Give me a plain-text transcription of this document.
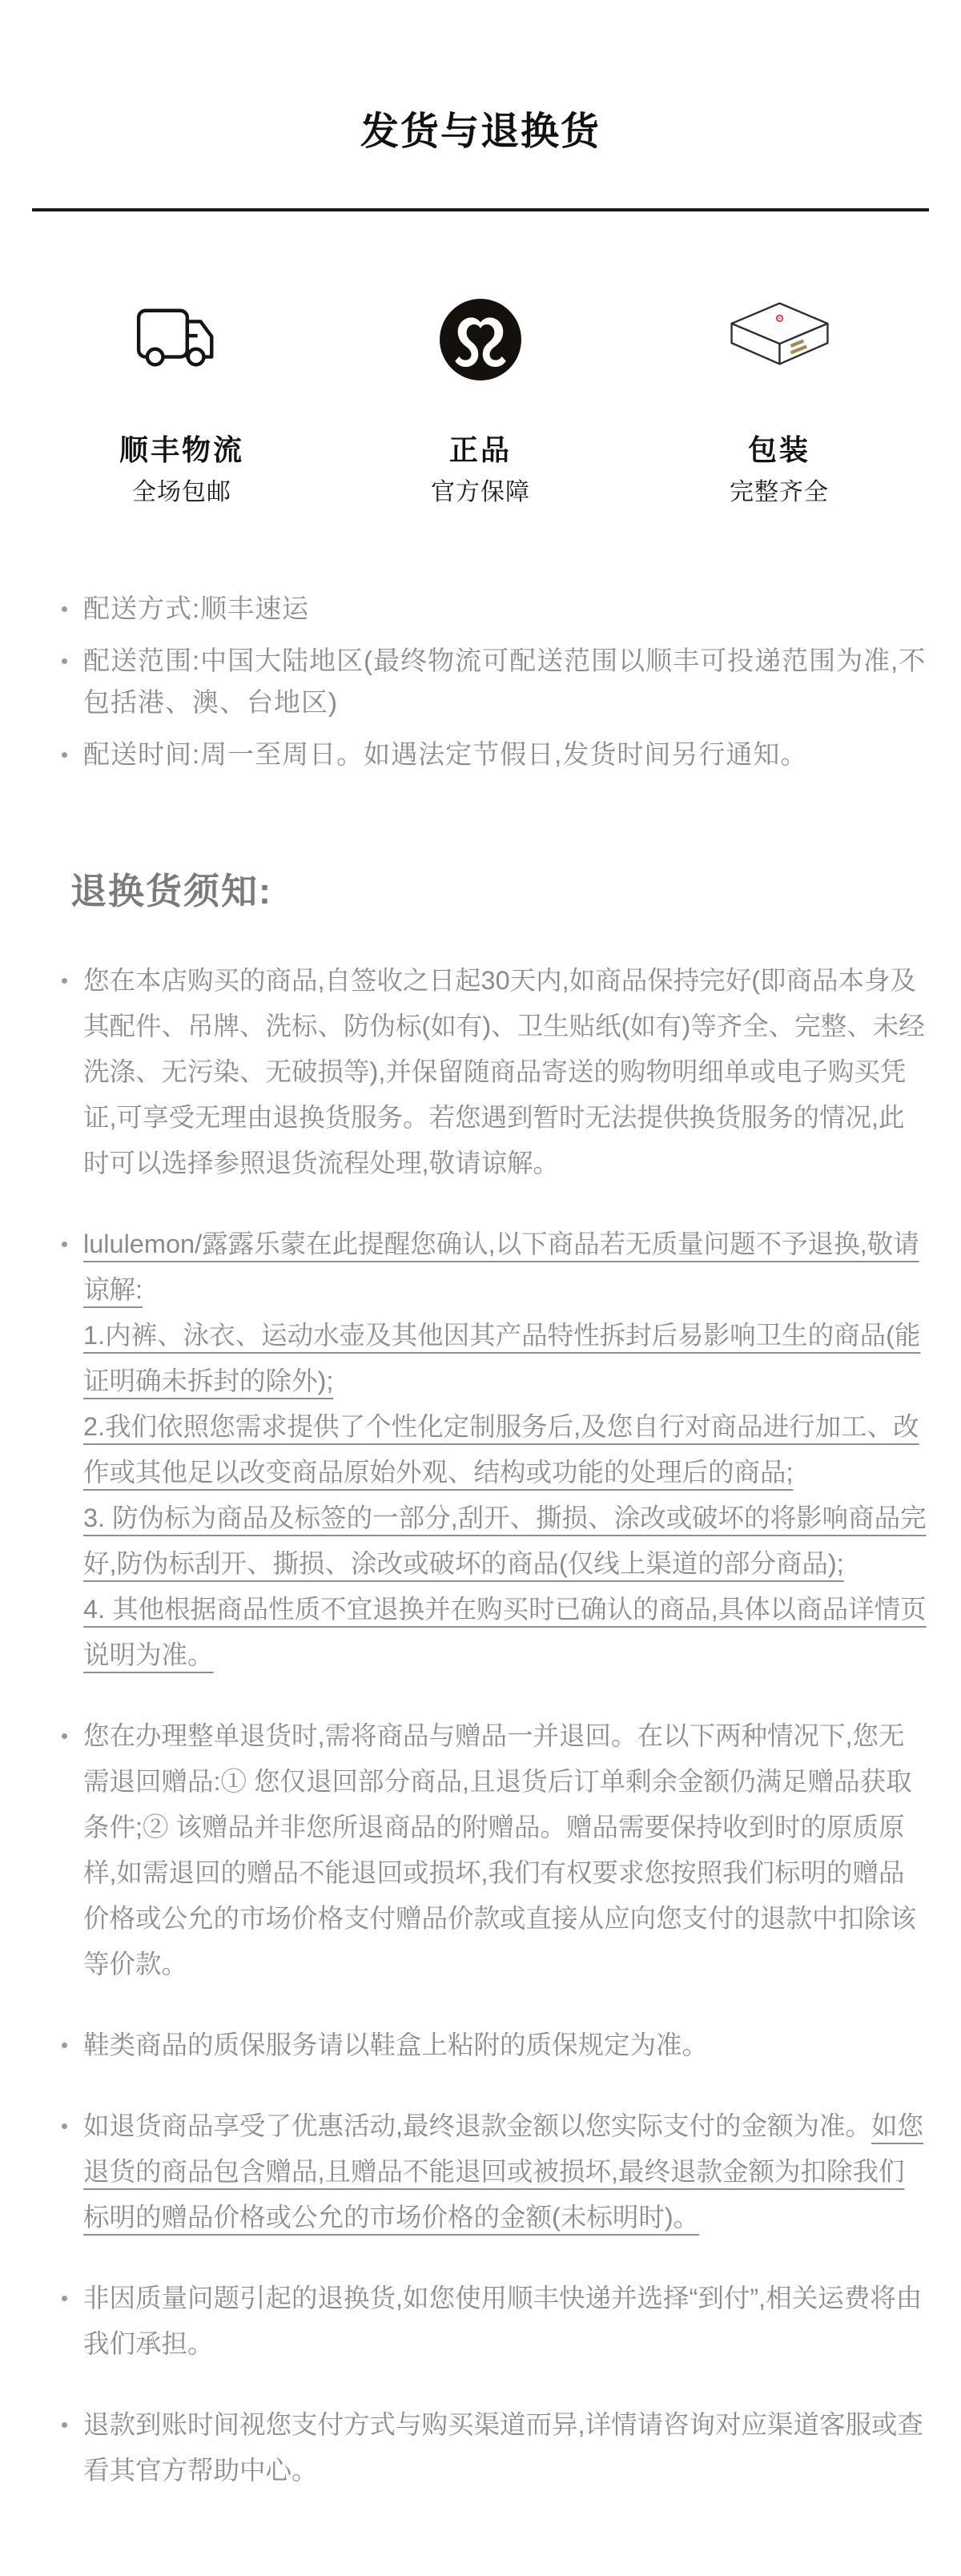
发货与退换货
顺丰物流
全场包邮
正品
官方保障
包装
完整齐全
配送方式:顺丰速运
配送范围:中国大陆地区(最终物流可配送范围以顺丰可投递范围为准,不包括港、澳、台地区)
配送时间:周一至周日。如遇法定节假日,发货时间另行通知。
退换货须知:
您在本店购买的商品,自签收之日起30天内,如商品保持完好(即商品本身及其配件、吊牌、洗标、防伪标(如有)、卫生贴纸(如有)等齐全、完整、未经洗涤、无污染、无破损等),并保留随商品寄送的购物明细单或电子购买凭证,可享受无理由退换货服务。若您遇到暂时无法提供换货服务的情况,此时可以选择参照退货流程处理,敬请谅解。
lululemon/露露乐蒙在此提醒您确认,以下商品若无质量问题不予退换,敬请谅解:
1.内裤、泳衣、运动水壶及其他因其产品特性拆封后易影响卫生的商品(能证明确未拆封的除外);
2.我们依照您需求提供了个性化定制服务后,及您自行对商品进行加工、改作或其他足以改变商品原始外观、结构或功能的处理后的商品;
3. 防伪标为商品及标签的一部分,刮开、撕损、涂改或破坏的将影响商品完好,防伪标刮开、撕损、涂改或破坏的商品(仅线上渠道的部分商品);
4. 其他根据商品性质不宜退换并在购买时已确认的商品,具体以商品详情页说明为准。
您在办理整单退货时,需将商品与赠品一并退回。在以下两种情况下,您无需退回赠品:① 您仅退回部分商品,且退货后订单剩余金额仍满足赠品获取条件;② 该赠品并非您所退商品的附赠品。赠品需要保持收到时的原质原样,如需退回的赠品不能退回或损坏,我们有权要求您按照我们标明的赠品价格或公允的市场价格支付赠品价款或直接从应向您支付的退款中扣除该等价款。
鞋类商品的质保服务请以鞋盒上粘附的质保规定为准。
如退货商品享受了优惠活动,最终退款金额以您实际支付的金额为准。如您退货的商品包含赠品,且赠品不能退回或被损坏,最终退款金额为扣除我们标明的赠品价格或公允的市场价格的金额(未标明时)。
非因质量问题引起的退换货,如您使用顺丰快递并选择“到付”,相关运费将由我们承担。
退款到账时间视您支付方式与购买渠道而异,详情请咨询对应渠道客服或查看其官方帮助中心。
